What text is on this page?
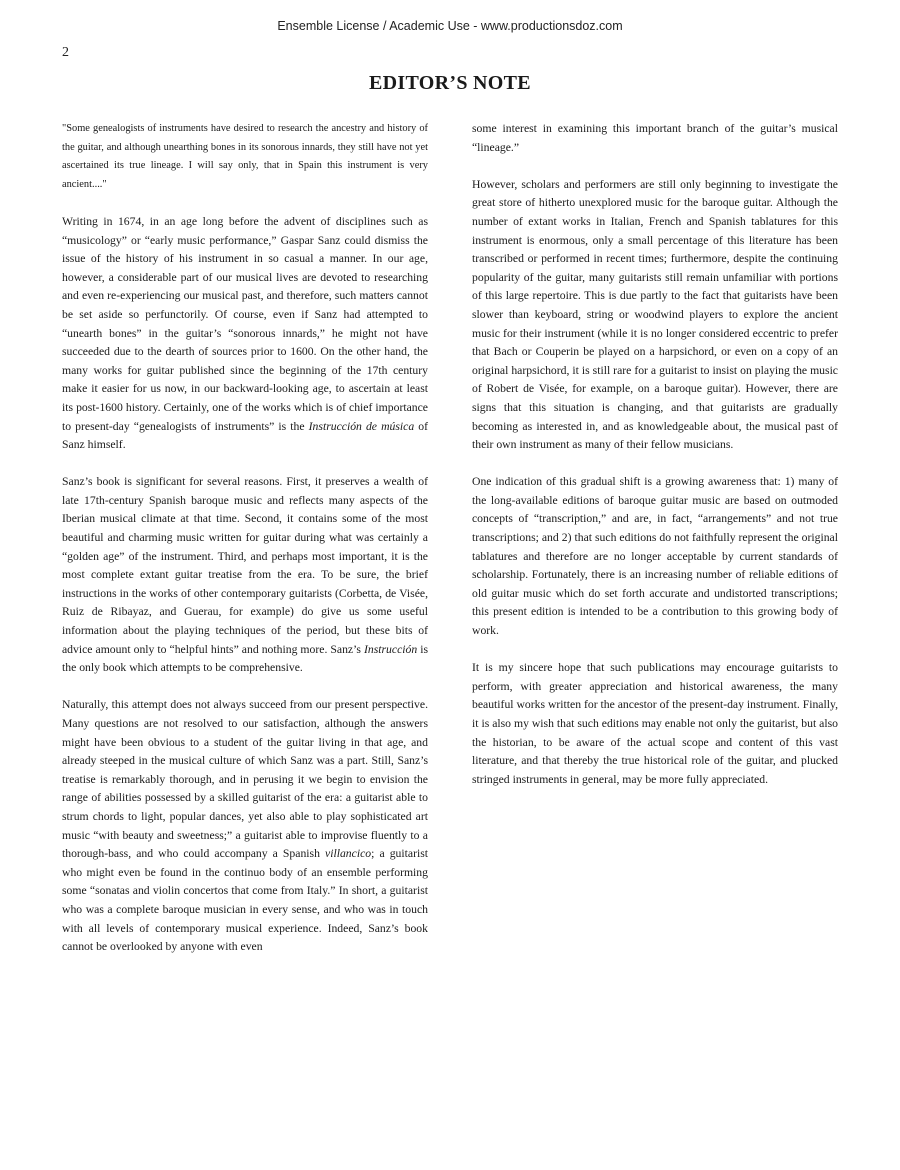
Ensemble License / Academic Use - www.productionsdoz.com
2
EDITOR’S NOTE

"Some genealogists of instruments have desired to research the ancestry and history of the guitar, and although unearthing bones in its sonorous innards, they still have not yet ascertained its true lineage. I will say only, that in Spain this instrument is very ancient...."

Writing in 1674, in an age long before the advent of disciplines such as “musicology” or “early music performance,” Gaspar Sanz could dismiss the issue of the history of his instrument in so casual a manner. In our age, however, a considerable part of our musical lives are devoted to researching and even re-experiencing our musical past, and therefore, such matters cannot be set aside so perfunctorily. Of course, even if Sanz had attempted to “unearth bones” in the guitar’s “sonorous innards,” he might not have succeeded due to the dearth of sources prior to 1600. On the other hand, the many works for guitar published since the beginning of the 17th century make it easier for us now, in our backward-looking age, to ascertain at least its post-1600 history. Certainly, one of the works which is of chief importance to present-day “genealogists of instruments” is the Instrucción de música of Sanz himself.

Sanz’s book is significant for several reasons. First, it preserves a wealth of late 17th-century Spanish baroque music and reflects many aspects of the Iberian musical climate at that time. Second, it contains some of the most beautiful and charming music written for guitar during what was certainly a “golden age” of the instrument. Third, and perhaps most important, it is the most complete extant guitar treatise from the era. To be sure, the brief instructions in the works of other contemporary guitarists (Corbetta, de Visée, Ruiz de Ribayaz, and Guerau, for example) do give us some useful information about the playing techniques of the period, but these bits of advice amount only to “helpful hints” and nothing more. Sanz’s Instrucción is the only book which attempts to be comprehensive.

Naturally, this attempt does not always succeed from our present perspective. Many questions are not resolved to our satisfaction, although the answers might have been obvious to a student of the guitar living in that age, and already steeped in the musical culture of which Sanz was a part. Still, Sanz’s treatise is remarkably thorough, and in perusing it we begin to envision the range of abilities possessed by a skilled guitarist of the era: a guitarist able to strum chords to light, popular dances, yet also able to play sophisticated art music “with beauty and sweetness;” a guitarist able to improvise fluently to a thorough-bass, and who could accompany a Spanish villancico; a guitarist who might even be found in the continuo body of an ensemble performing some “sonatas and violin concertos that come from Italy.” In short, a guitarist who was a complete baroque musician in every sense, and who was in touch with all levels of contemporary musical experience. Indeed, Sanz’s book cannot be overlooked by anyone with even

some interest in examining this important branch of the guitar’s musical “lineage.”

However, scholars and performers are still only beginning to investigate the great store of hitherto unexplored music for the baroque guitar. Although the number of extant works in Italian, French and Spanish tablatures for this instrument is enormous, only a small percentage of this literature has been transcribed or performed in recent times; furthermore, despite the continuing popularity of the guitar, many guitarists still remain unfamiliar with portions of this large repertoire. This is due partly to the fact that guitarists have been slower than keyboard, string or woodwind players to explore the ancient music for their instrument (while it is no longer considered eccentric to prefer that Bach or Couperin be played on a harpsichord, or even on a copy of an original harpsichord, it is still rare for a guitarist to insist on playing the music of Robert de Visée, for example, on a baroque guitar). However, there are signs that this situation is changing, and that guitarists are gradually becoming as interested in, and as knowledgeable about, the musical past of their own instrument as many of their fellow musicians.

One indication of this gradual shift is a growing awareness that: 1) many of the long-available editions of baroque guitar music are based on outmoded concepts of “transcription,” and are, in fact, “arrangements” and not true transcriptions; and 2) that such editions do not faithfully represent the original tablatures and therefore are no longer acceptable by current standards of scholarship. Fortunately, there is an increasing number of reliable editions of old guitar music which do set forth accurate and undistorted transcriptions; this present edition is intended to be a contribution to this growing body of work.

It is my sincere hope that such publications may encourage guitarists to perform, with greater appreciation and historical awareness, the many beautiful works written for the ancestor of the present-day instrument. Finally, it is also my wish that such editions may enable not only the guitarist, but also the historian, to be aware of the actual scope and content of this vast literature, and that thereby the true historical role of the guitar, and plucked stringed instruments in general, may be more fully appreciated.
